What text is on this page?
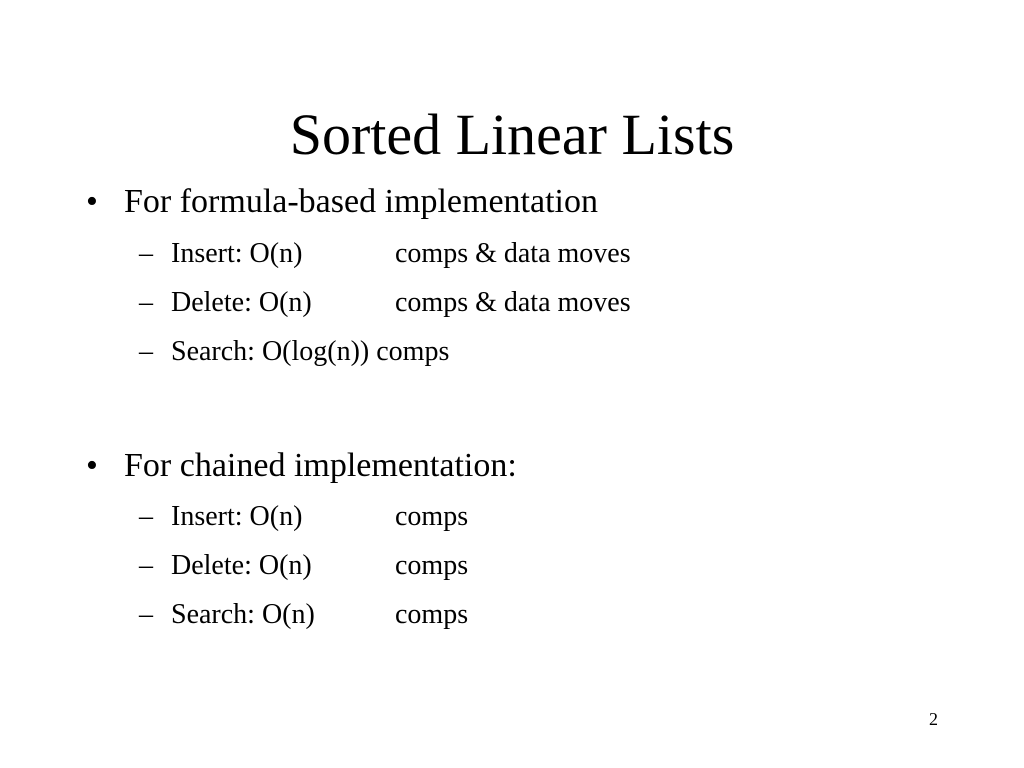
Sorted Linear Lists
• For formula-based implementation
– Insert: O(n)	comps & data moves
– Delete: O(n)	comps & data moves
– Search: O(log(n)) comps
• For chained implementation:
– Insert: O(n)	comps
– Delete: O(n)	comps
– Search: O(n)	comps
2
